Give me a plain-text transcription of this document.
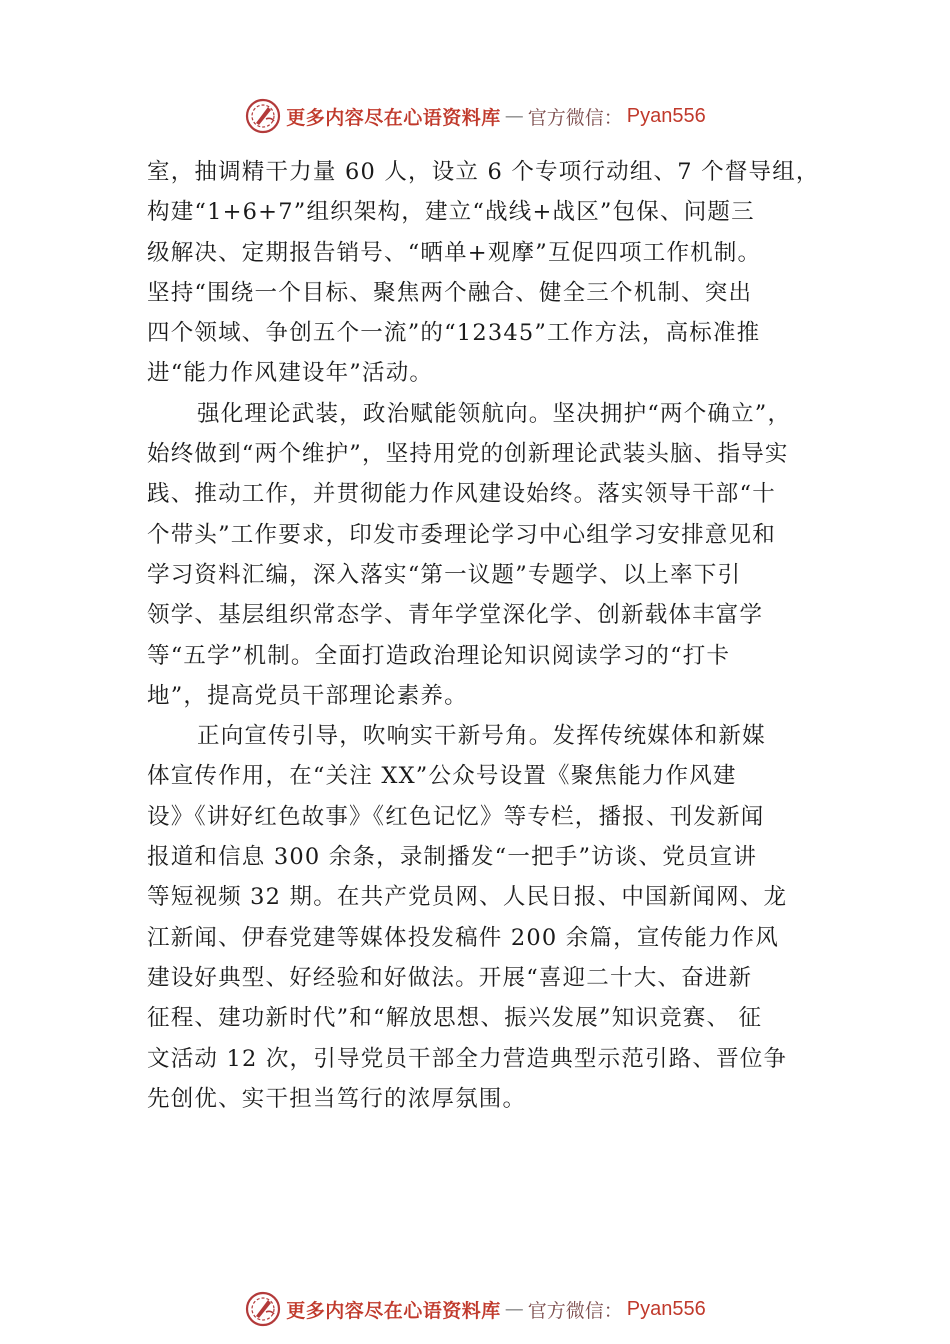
更多内容尽在心语资料库 — 官方微信： Pyan556
室，抽调精干力量 60 人，设立 6 个专项行动组、7 个督导组，
构建“1+6+7”组织架构，建立“战线+战区”包保、问题三
级解决、定期报告销号、“晒单+观摩”互促四项工作机制。
坚持“围绕一个目标、聚焦两个融合、健全三个机制、突出
四个领域、争创五个一流”的“12345”工作方法，高标准推
进“能力作风建设年”活动。
强化理论武装，政治赋能领航向。坚决拥护“两个确立”，
始终做到“两个维护”，坚持用党的创新理论武装头脑、指导实
践、推动工作，并贯彻能力作风建设始终。落实领导干部“十
个带头”工作要求，印发市委理论学习中心组学习安排意见和
学习资料汇编，深入落实“第一议题”专题学、以上率下引
领学、基层组织常态学、青年学堂深化学、创新载体丰富学
等“五学”机制。全面打造政治理论知识阅读学习的“打卡
地”，提高党员干部理论素养。
正向宣传引导，吹响实干新号角。发挥传统媒体和新媒
体宣传作用，在“关注 XX”公众号设置《聚焦能力作风建
设》《讲好红色故事》《红色记忆》等专栏，播报、刊发新闻
报道和信息 300 余条，录制播发“一把手”访谈、党员宣讲
等短视频 32 期。在共产党员网、人民日报、中国新闻网、龙
江新闻、伊春党建等媒体投发稿件 200 余篇，宣传能力作风
建设好典型、好经验和好做法。开展“喜迎二十大、奋进新
征程、建功新时代”和“解放思想、振兴发展”知识竞赛、 征
文活动 12 次，引导党员干部全力营造典型示范引路、晋位争
先创优、实干担当笃行的浓厚氛围。
更多内容尽在心语资料库 — 官方微信： Pyan556
